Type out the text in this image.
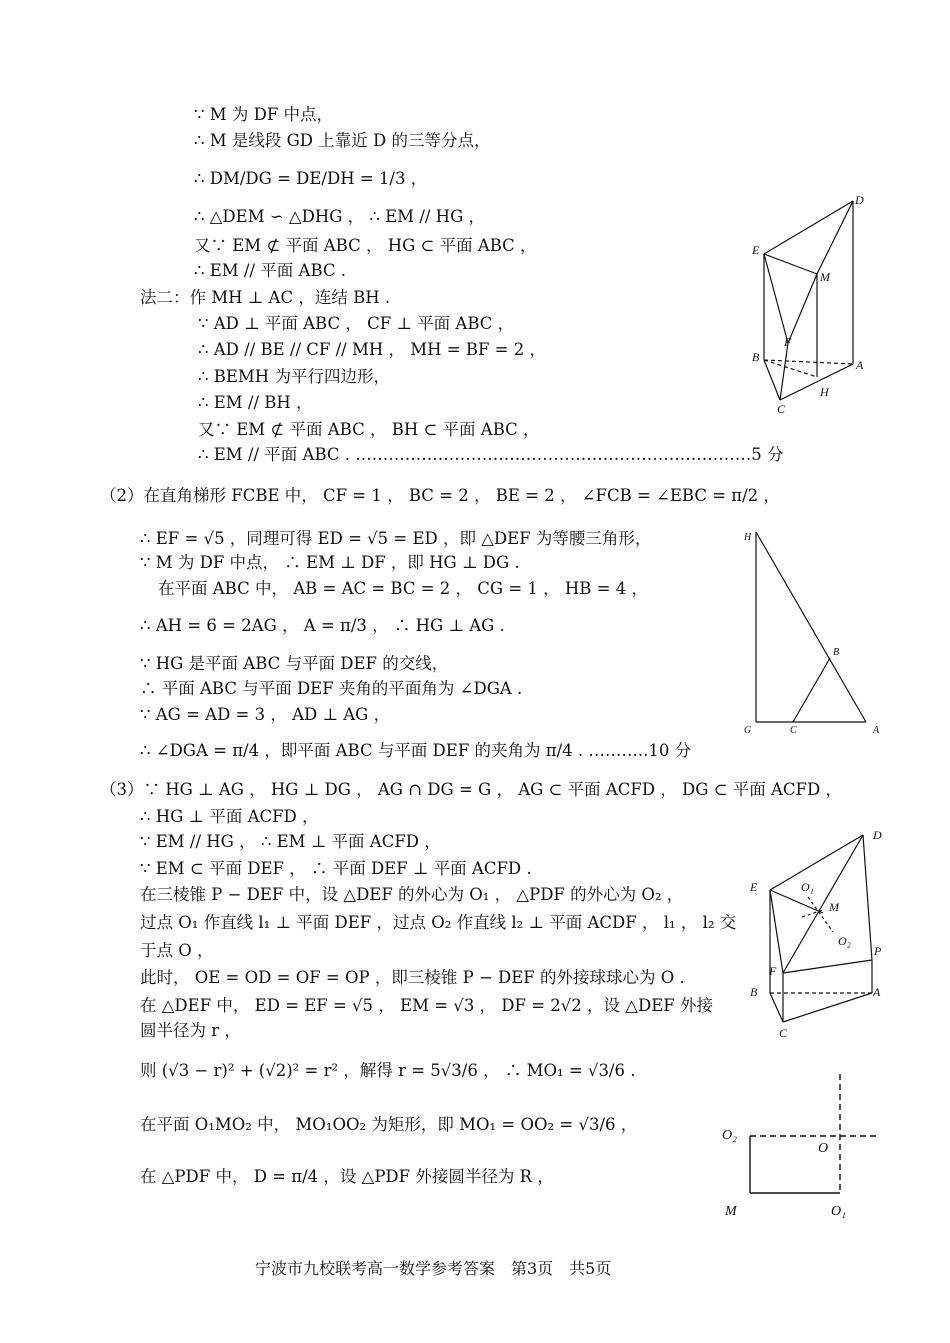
∵ M 为 DF 中点，
∴ M 是线段 GD 上靠近 D 的三等分点，
∴ DM/DG = DE/DH = 1/3 ，
∴ △DEM ∽ △DHG ， ∴ EM // HG ，
又∵ EM ⊄ 平面 ABC ， HG ⊂ 平面 ABC ，
∴ EM // 平面 ABC .
法二：作 MH ⊥ AC ，连结 BH .
∵ AD ⊥ 平面 ABC ， CF ⊥ 平面 ABC ，
∴ AD // BE // CF // MH ， MH = BF = 2 ，
∴ BEMH 为平行四边形，
∴ EM // BH ，
又∵ EM ⊄ 平面 ABC ， BH ⊂ 平面 ABC ，
∴ EM // 平面 ABC . ………………………………………………………………5 分
D
E
M
F
B
A
H
C
（2）在直角梯形 FCBE 中， CF = 1 ， BC = 2 ， BE = 2 ， ∠FCB = ∠EBC = π/2 ，
∴ EF = √5 ，同理可得 ED = √5 = ED ，即 △DEF 为等腰三角形，
∵ M 为 DF 中点， ∴ EM ⊥ DF ，即 HG ⊥ DG .
在平面 ABC 中， AB = AC = BC = 2 ， CG = 1 ， HB = 4 ，
∴ AH = 6 = 2AG ， A = π/3 ， ∴ HG ⊥ AG .
∵ HG 是平面 ABC 与平面 DEF 的交线，
∴ 平面 ABC 与平面 DEF 夹角的平面角为 ∠DGA .
∵ AG = AD = 3 ， AD ⊥ AG ，
∴ ∠DGA = π/4 ，即平面 ABC 与平面 DEF 的夹角为 π/4 . ………..10 分
H
B
G	C	A
（3）∵ HG ⊥ AG ， HG ⊥ DG ， AG ∩ DG = G ， AG ⊂ 平面 ACFD ， DG ⊂ 平面 ACFD ，
∴ HG ⊥ 平面 ACFD ，
∵ EM // HG ， ∴ EM ⊥ 平面 ACFD ，
∵ EM ⊂ 平面 DEF ， ∴ 平面 DEF ⊥ 平面 ACFD .
在三棱锥 P − DEF 中，设 △DEF 的外心为 O₁ ， △PDF 的外心为 O₂ ，
过点 O₁ 作直线 l₁ ⊥ 平面 DEF ，过点 O₂ 作直线 l₂ ⊥ 平面 ACDF ， l₁ ， l₂ 交
于点 O ，
此时， OE = OD = OF = OP ，即三棱锥 P − DEF 的外接球球心为 O .
在 △DEF 中， ED = EF = √5 ， EM = √3 ， DF = 2√2 ，设 △DEF 外接
圆半径为 r ，
则 (√3 − r)² + (√2)² = r² ，解得 r = 5√3/6 ， ∴ MO₁ = √3/6 .
在平面 O₁MO₂ 中， MO₁OO₂ 为矩形，即 MO₁ = OO₂ = √3/6 ，
在 △PDF 中， D = π/4 ，设 △PDF 外接圆半径为 R ，
D
E	O₁
M
O₂
P
F
B	A
C
O₂
O
M	O₁
宁波市九校联考高一数学参考答案　第3页　共5页
